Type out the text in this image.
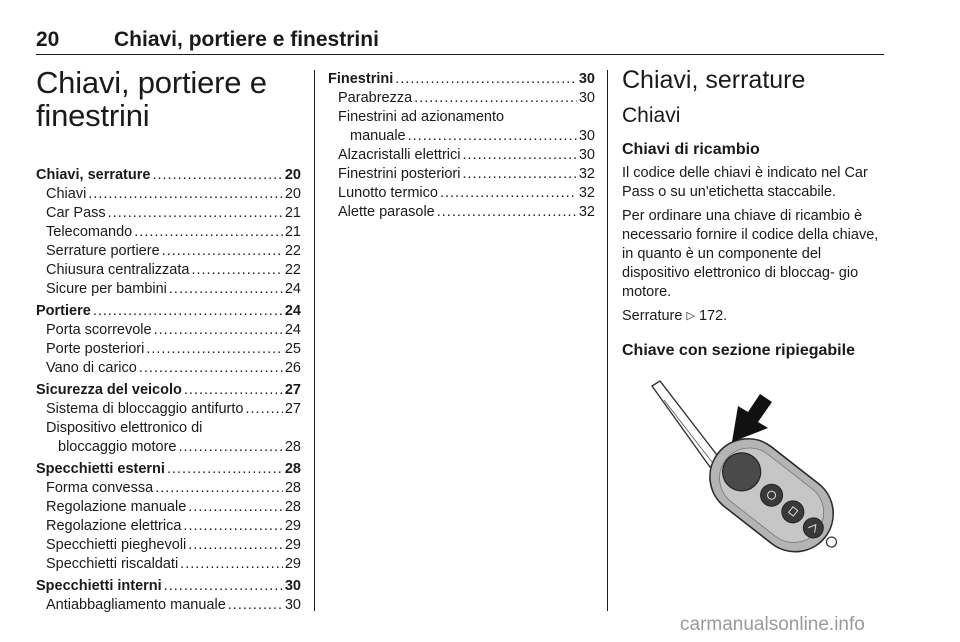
20	Chiavi, portiere e finestrini
Chiavi, portiere e
finestrini
Chiavi, serrature .....	20
Chiavi .....	20
Car Pass .....	21
Telecomando .....	21
Serrature portiere .....	22
Chiusura centralizzata .....	22
Sicure per bambini .....	24
Portiere .....	24
Porta scorrevole .....	24
Porte posteriori .....	25
Vano di carico .....	26
Sicurezza del veicolo .....	27
Sistema di bloccaggio antifurto .....	27
Dispositivo elettronico di
bloccaggio motore .....	28
Specchietti esterni .....	28
Forma convessa .....	28
Regolazione manuale .....	28
Regolazione elettrica .....	29
Specchietti pieghevoli .....	29
Specchietti riscaldati .....	29
Specchietti interni .....	30
Antiabbagliamento manuale .....	30
Finestrini .....	30
Parabrezza .....	30
Finestrini ad azionamento
manuale .....	30
Alzacristalli elettrici .....	30
Finestrini posteriori .....	32
Lunotto termico .....	32
Alette parasole .....	32
Chiavi, serrature
Chiavi
Chiavi di ricambio
Il codice delle chiavi è indicato nel Car Pass o su un'etichetta staccabile.
Per ordinare una chiave di ricambio è necessario fornire il codice della chiave, in quanto è un componente del dispositivo elettronico di bloccag- gio motore.
Serrature ▷ 172.
Chiave con sezione ripiegabile
carmanualsonline.info
